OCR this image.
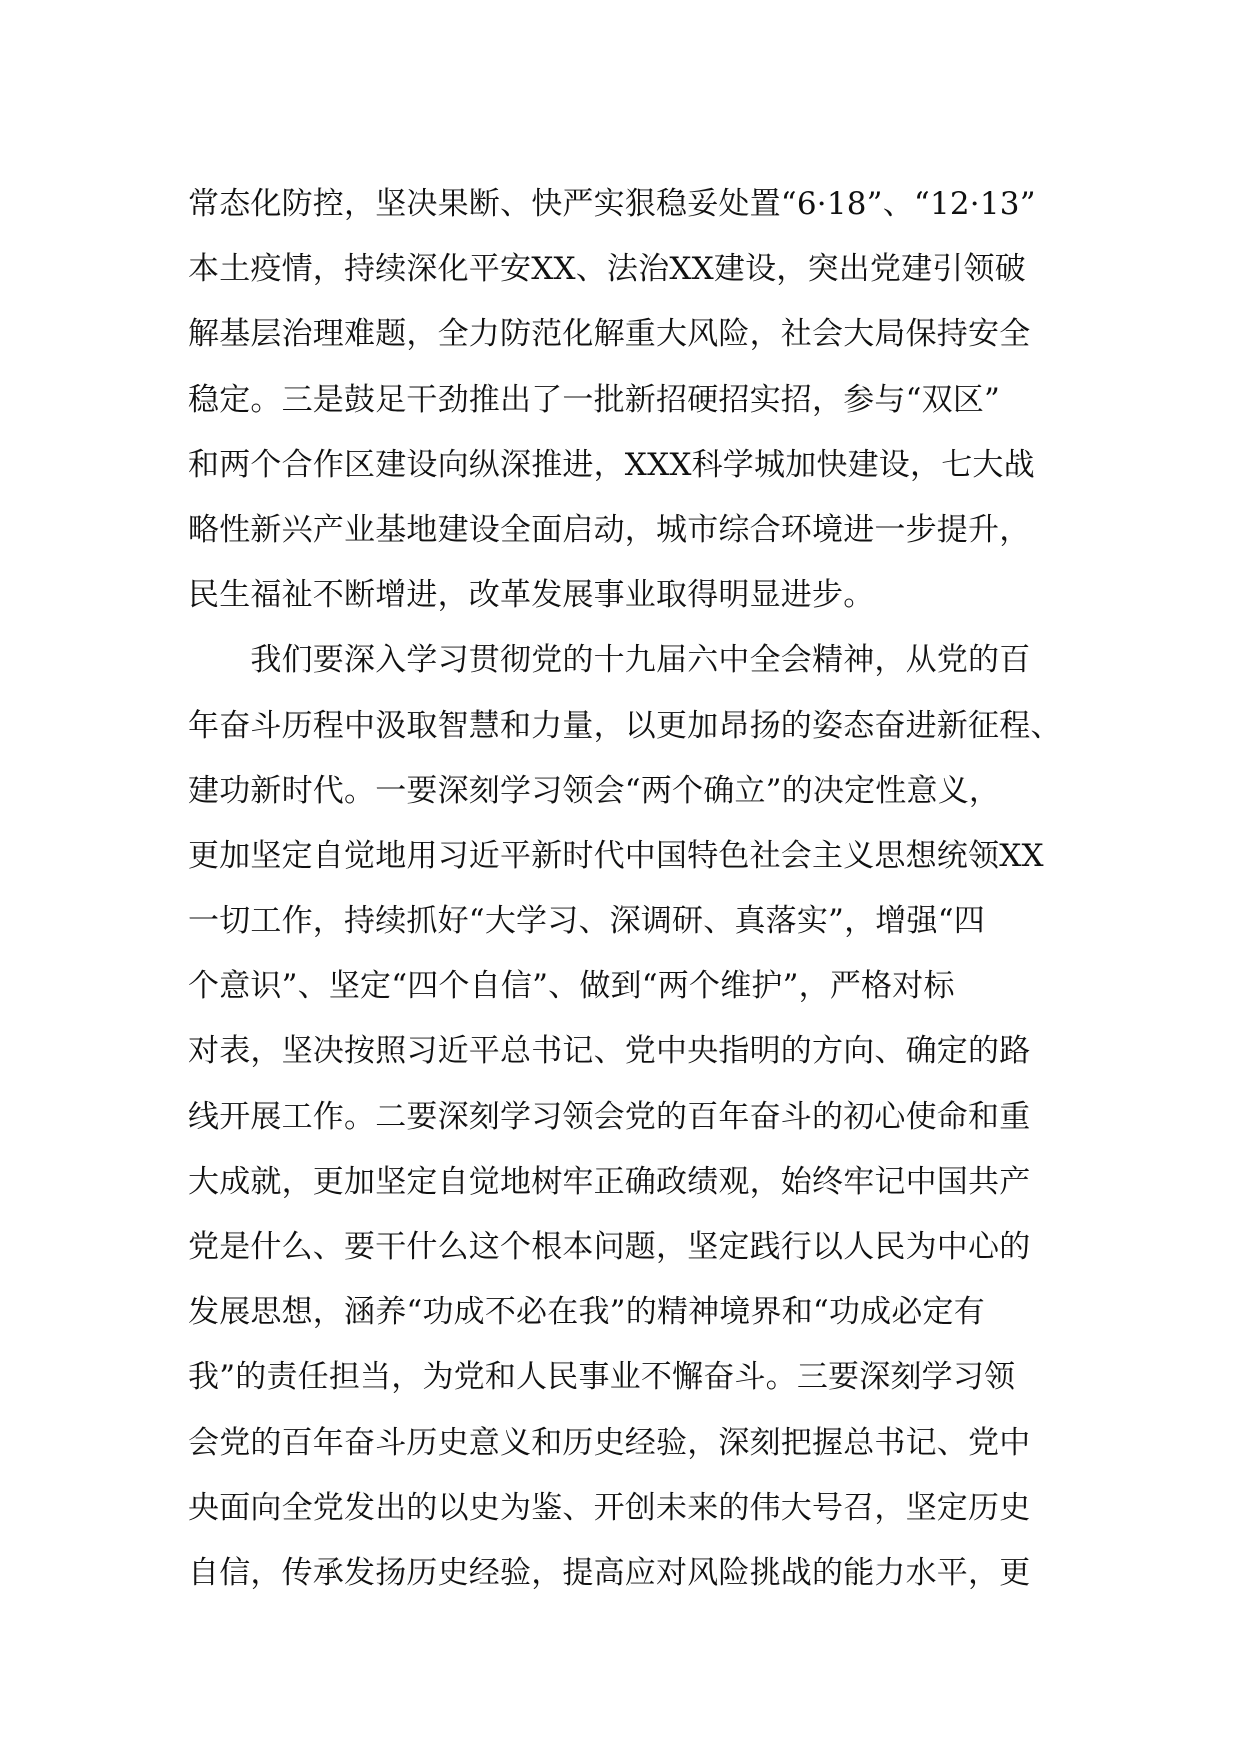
常态化防控，坚决果断、快严实狠稳妥处置“6·18”、“12·13”
本土疫情，持续深化平安XX、法治XX建设，突出党建引领破
解基层治理难题，全力防范化解重大风险，社会大局保持安全
稳定。三是鼓足干劲推出了一批新招硬招实招，参与“双区”
和两个合作区建设向纵深推进，XXX科学城加快建设，七大战
略性新兴产业基地建设全面启动，城市综合环境进一步提升，
民生福祉不断增进，改革发展事业取得明显进步。
　　我们要深入学习贯彻党的十九届六中全会精神，从党的百
年奋斗历程中汲取智慧和力量，以更加昂扬的姿态奋进新征程、
建功新时代。一要深刻学习领会“两个确立”的决定性意义，
更加坚定自觉地用习近平新时代中国特色社会主义思想统领XX
一切工作，持续抓好“大学习、深调研、真落实”，增强“四
个意识”、坚定“四个自信”、做到“两个维护”，严格对标
对表，坚决按照习近平总书记、党中央指明的方向、确定的路
线开展工作。二要深刻学习领会党的百年奋斗的初心使命和重
大成就，更加坚定自觉地树牢正确政绩观，始终牢记中国共产
党是什么、要干什么这个根本问题，坚定践行以人民为中心的
发展思想，涵养“功成不必在我”的精神境界和“功成必定有
我”的责任担当，为党和人民事业不懈奋斗。三要深刻学习领
会党的百年奋斗历史意义和历史经验，深刻把握总书记、党中
央面向全党发出的以史为鉴、开创未来的伟大号召，坚定历史
自信，传承发扬历史经验，提高应对风险挑战的能力水平，更
